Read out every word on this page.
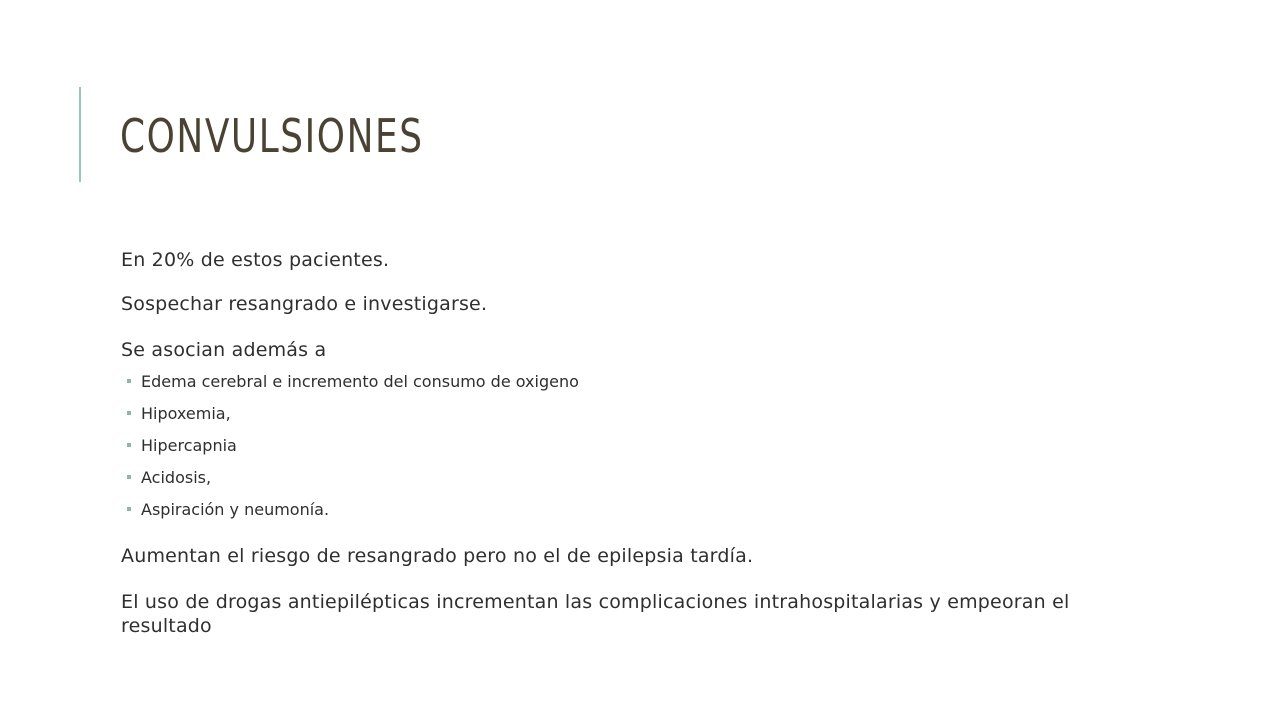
CONVULSIONES

En 20% de estos pacientes.

Sospechar resangrado e investigarse.

Se asocian además a

Edema cerebral e incremento del consumo de oxigeno
Hipoxemia,
Hipercapnia
Acidosis,
Aspiración y neumonía.

Aumentan el riesgo de resangrado pero no el de epilepsia tardía.

El uso de drogas antiepilépticas incrementan las complicaciones intrahospitalarias y empeoran el resultado
